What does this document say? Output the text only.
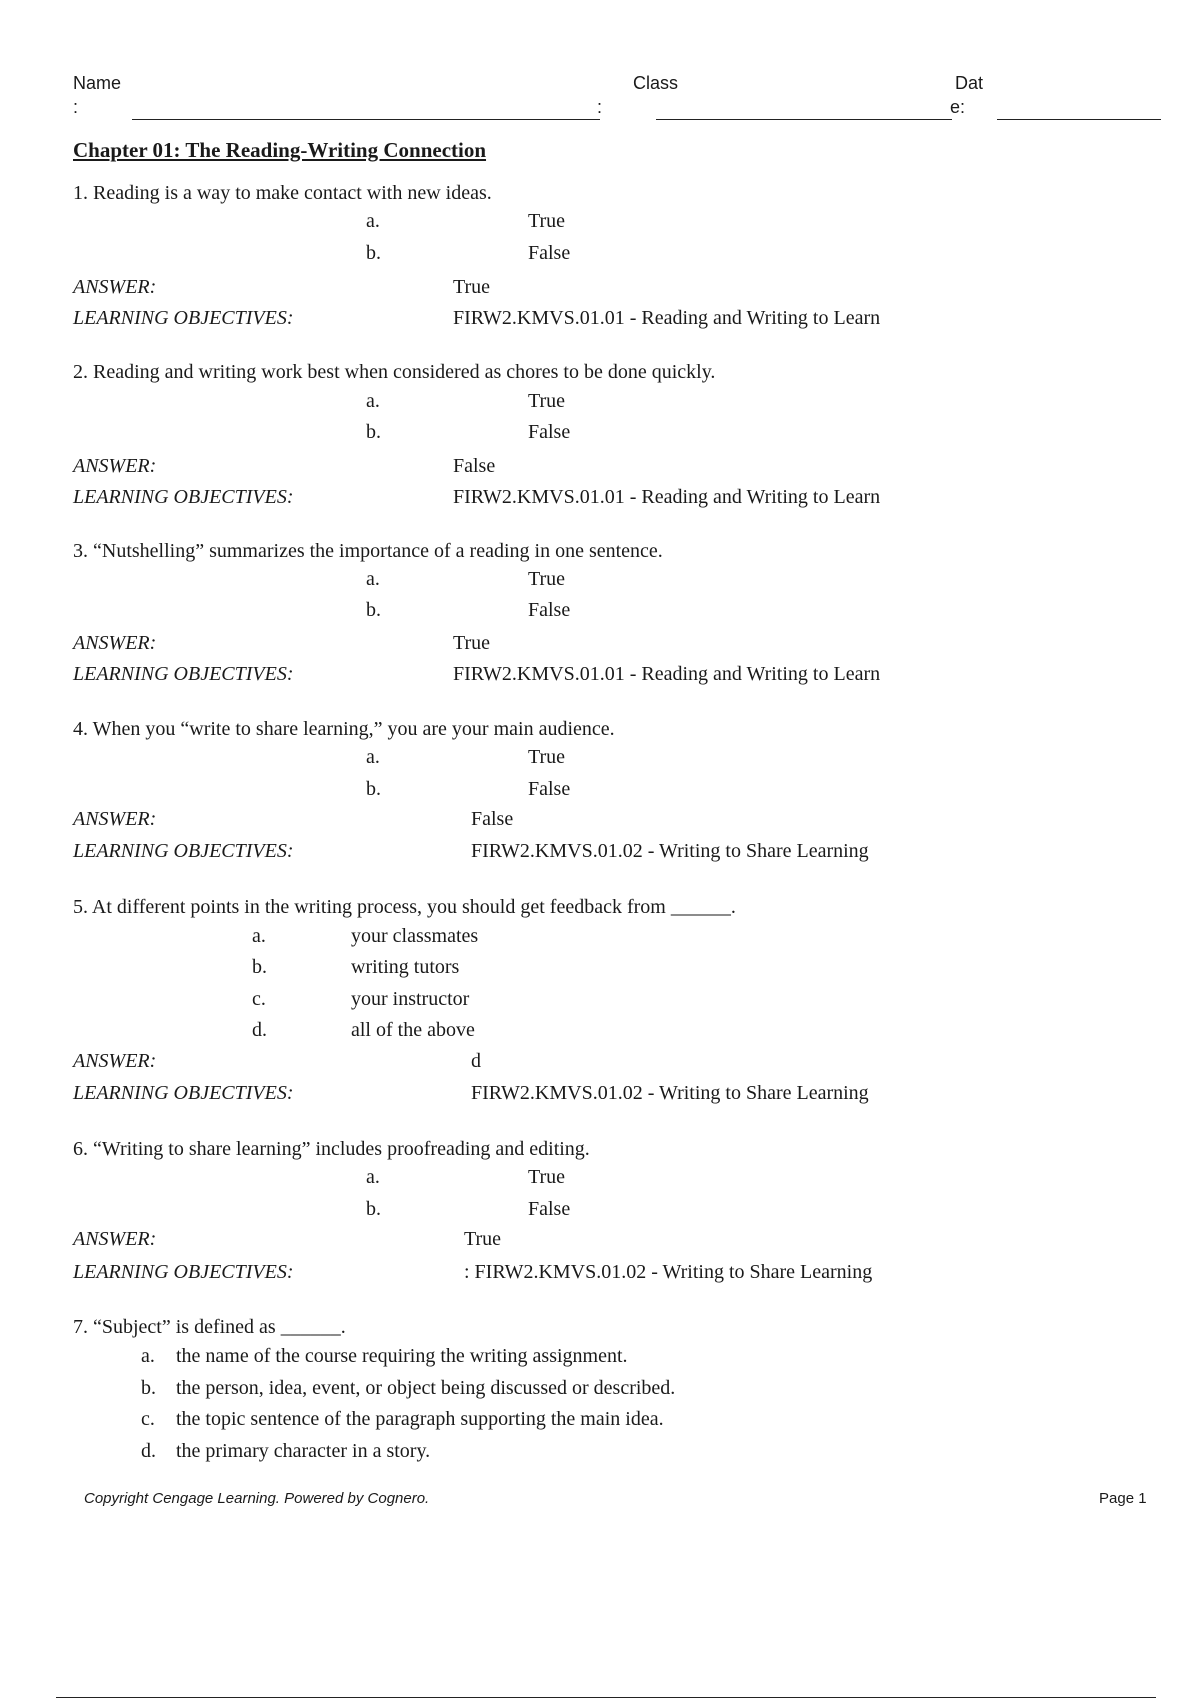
Name
:
Class
:
Dat
e:
Chapter 01: The Reading-Writing Connection
1. Reading is a way to make contact with new ideas.
a.	True
b.	False
ANSWER:	True
LEARNING OBJECTIVES:	FIRW2.KMVS.01.01 - Reading and Writing to Learn
2. Reading and writing work best when considered as chores to be done quickly.
a.	True
b.	False
ANSWER:	False
LEARNING OBJECTIVES:	FIRW2.KMVS.01.01 - Reading and Writing to Learn
3. “Nutshelling” summarizes the importance of a reading in one sentence.
a.	True
b.	False
ANSWER:	True
LEARNING OBJECTIVES:	FIRW2.KMVS.01.01 - Reading and Writing to Learn
4. When you “write to share learning,” you are your main audience.
a.	True
b.	False
ANSWER:	False
LEARNING OBJECTIVES:	FIRW2.KMVS.01.02 - Writing to Share Learning
5. At different points in the writing process, you should get feedback from ______.
a.	your classmates
b.	writing tutors
c.	your instructor
d.	all of the above
ANSWER:	d
LEARNING OBJECTIVES:	FIRW2.KMVS.01.02 - Writing to Share Learning
6. “Writing to share learning” includes proofreading and editing.
a.	True
b.	False
ANSWER:	True
LEARNING OBJECTIVES:	: FIRW2.KMVS.01.02 - Writing to Share Learning
7. “Subject” is defined as ______.
a. the name of the course requiring the writing assignment.
b. the person, idea, event, or object being discussed or described.
c. the topic sentence of the paragraph supporting the main idea.
d. the primary character in a story.
Copyright Cengage Learning. Powered by Cognero.	Page 1
